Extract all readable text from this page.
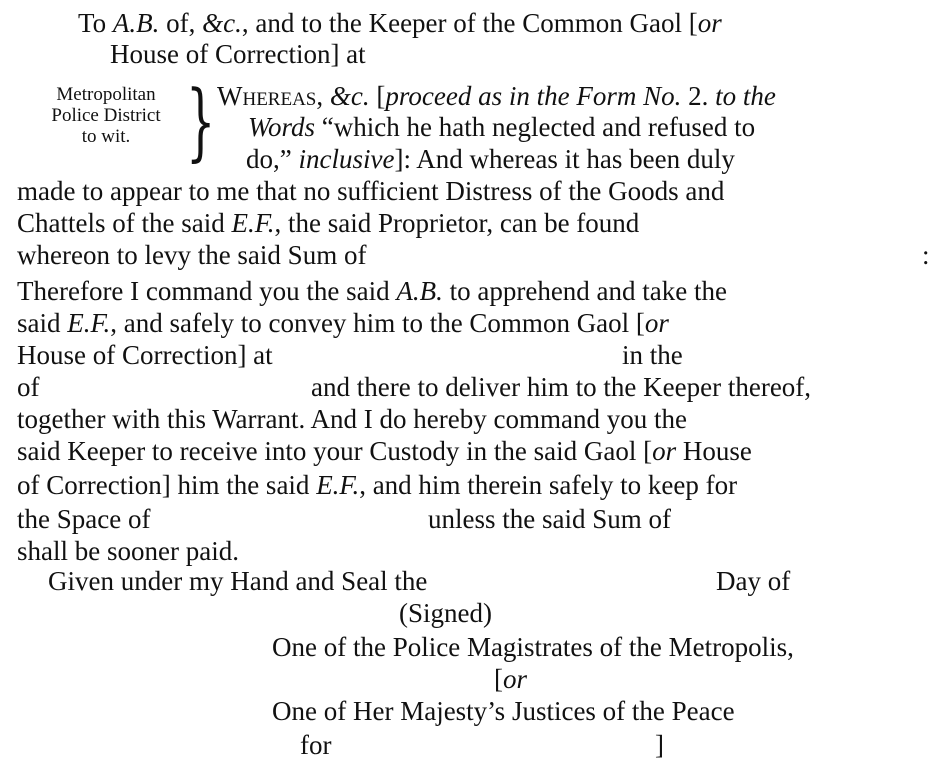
To A.B. of, &c., and to the Keeper of the Common Gaol [or
House of Correction] at
Metropolitan
Police District
to wit. } Whereas, &c. [proceed as in the Form No. 2. to the
Words “which he hath neglected and refused to
do,” inclusive]: And whereas it has been duly
made to appear to me that no sufficient Distress of the Goods and
Chattels of the said E.F., the said Proprietor, can be found
whereon to levy the said Sum of	:
Therefore I command you the said A.B. to apprehend and take the
said E.F., and safely to convey him to the Common Gaol [or
House of Correction] at	in the
of	and there to deliver him to the Keeper thereof,
together with this Warrant. And I do hereby command you the
said Keeper to receive into your Custody in the said Gaol [or House
of Correction] him the said E.F., and him therein safely to keep for
the Space of	unless the said Sum of
shall be sooner paid.
Given under my Hand and Seal the	Day of
(Signed)
One of the Police Magistrates of the Metropolis,
[or
One of Her Majesty’s Justices of the Peace
for	]
